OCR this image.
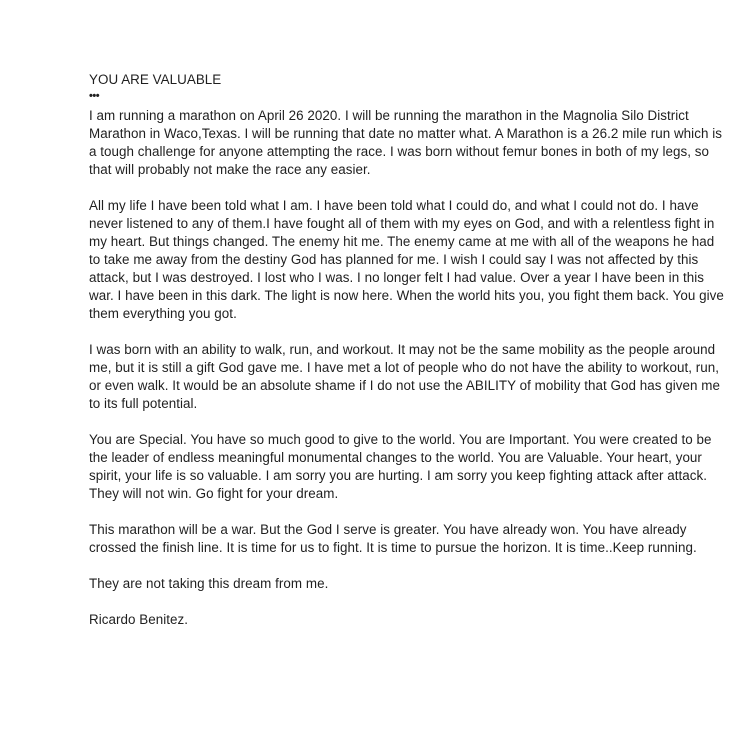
YOU ARE VALUABLE
•••

I am running a marathon on April 26 2020. I will be running the marathon in the Magnolia Silo District Marathon in Waco,Texas. I will be running that date no matter what. A Marathon is a 26.2 mile run which is a tough challenge for anyone attempting the race. I was born without femur bones in both of my legs, so that will probably not make the race any easier.

All my life I have been told what I am. I have been told what I could do, and what I could not do. I have never listened to any of them.I have fought all of them with my eyes on God, and with a relentless fight in my heart. But things changed. The enemy hit me. The enemy came at me with all of the weapons he had to take me away from the destiny God has planned for me. I wish I could say I was not affected by this attack, but I was destroyed. I lost who I was. I no longer felt I had value. Over a year I have been in this war. I have been in this dark. The light is now here. When the world hits you, you fight them back. You give them everything you got.

I was born with an ability to walk, run, and workout. It may not be the same mobility as the people around me, but it is still a gift God gave me. I have met a lot of people who do not have the ability to workout, run, or even walk. It would be an absolute shame if I do not use the ABILITY of mobility that God has given me to its full potential.

You are Special. You have so much good to give to the world. You are Important. You were created to be the leader of endless meaningful monumental changes to the world. You are Valuable. Your heart, your spirit, your life is so valuable. I am sorry you are hurting. I am sorry you keep fighting attack after attack. They will not win. Go fight for your dream.

This marathon will be a war. But the God I serve is greater. You have already won. You have already crossed the finish line. It is time for us to fight. It is time to pursue the horizon. It is time..Keep running.

They are not taking this dream from me.

Ricardo Benitez.
